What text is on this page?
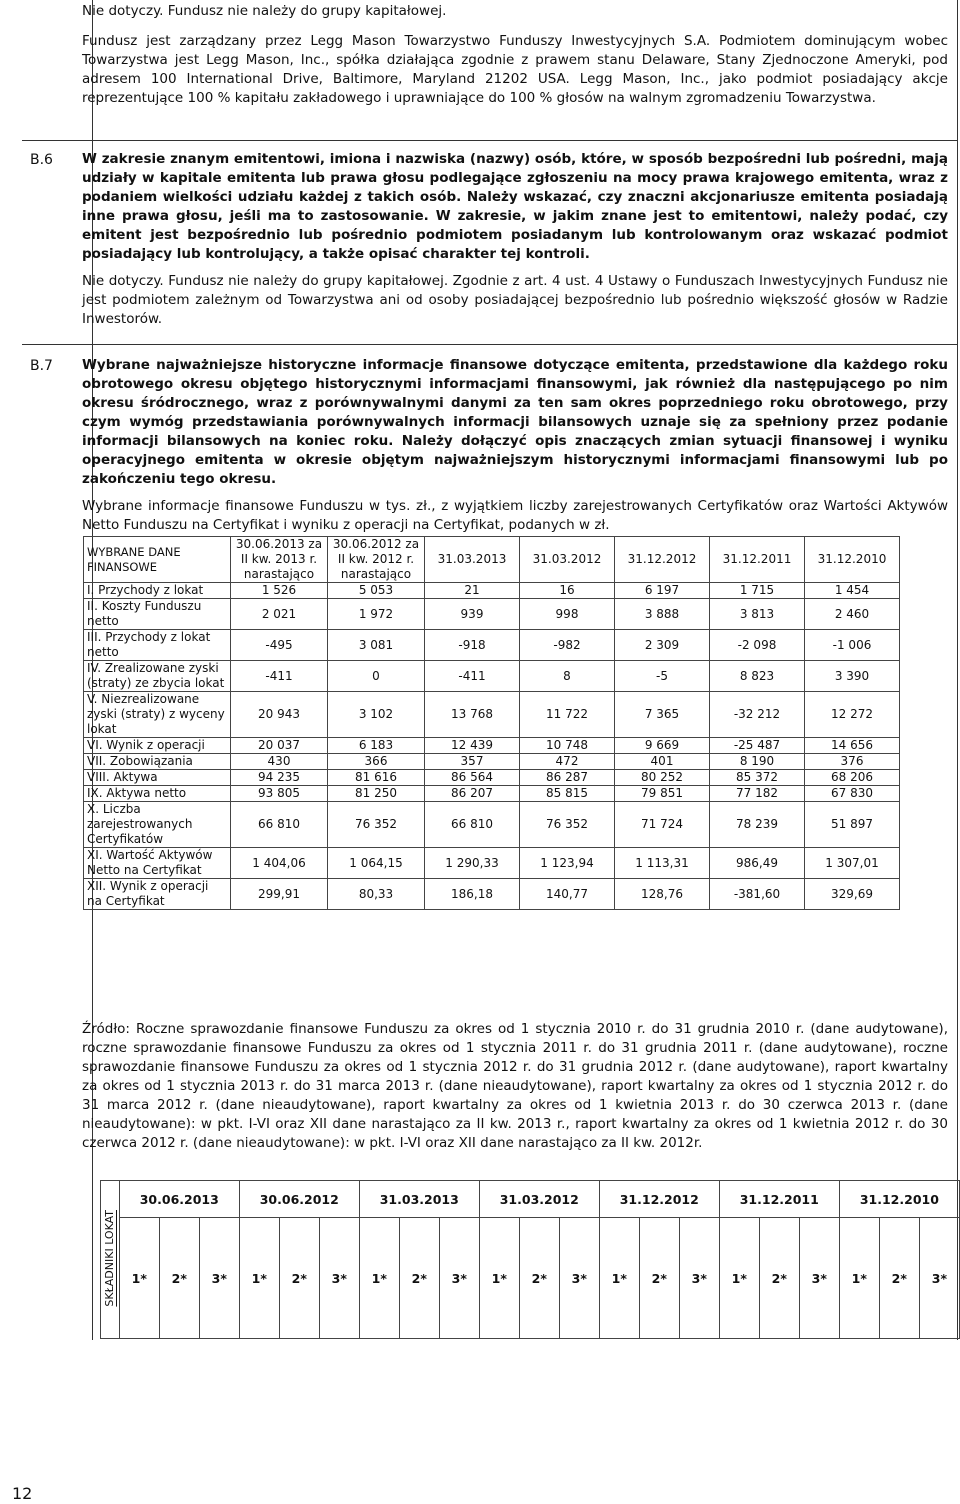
Nie dotyczy. Fundusz nie należy do grupy kapitałowej.

Fundusz jest zarządzany przez Legg Mason Towarzystwo Funduszy Inwestycyjnych S.A. Podmiotem dominującym wobec Towarzystwa jest Legg Mason, Inc., spółka działająca zgodnie z prawem stanu Delaware, Stany Zjednoczone Ameryki, pod adresem 100 International Drive, Baltimore, Maryland 21202 USA. Legg Mason, Inc., jako podmiot posiadający akcje reprezentujące 100 % kapitału zakładowego i uprawniające do 100 % głosów na walnym zgromadzeniu Towarzystwa.

B.6 W zakresie znanym emitentowi, imiona i nazwiska (nazwy) osób, które, w sposób bezpośredni lub pośredni, mają udziały w kapitale emitenta lub prawa głosu podlegające zgłoszeniu na mocy prawa krajowego emitenta, wraz z podaniem wielkości udziału każdej z takich osób. Należy wskazać, czy znaczni akcjonariusze emitenta posiadają inne prawa głosu, jeśli ma to zastosowanie. W zakresie, w jakim znane jest to emitentowi, należy podać, czy emitent jest bezpośrednio lub pośrednio podmiotem posiadanym lub kontrolowanym oraz wskazać podmiot posiadający lub kontrolujący, a także opisać charakter tej kontroli.

Nie dotyczy. Fundusz nie należy do grupy kapitałowej. Zgodnie z art. 4 ust. 4 Ustawy o Funduszach Inwestycyjnych Fundusz nie jest podmiotem zależnym od Towarzystwa ani od osoby posiadającej bezpośrednio lub pośrednio większość głosów w Radzie Inwestorów.

B.7 Wybrane najważniejsze historyczne informacje finansowe dotyczące emitenta, przedstawione dla każdego roku obrotowego okresu objętego historycznymi informacjami finansowymi, jak również dla następującego po nim okresu śródrocznego, wraz z porównywalnymi danymi za ten sam okres poprzedniego roku obrotowego, przy czym wymóg przedstawiania porównywalnych informacji bilansowych uznaje się za spełniony przez podanie informacji bilansowych na koniec roku. Należy dołączyć opis znaczących zmian sytuacji finansowej i wyniku operacyjnego emitenta w okresie objętym najważniejszym historycznymi informacjami finansowymi lub po zakończeniu tego okresu.

Wybrane informacje finansowe Funduszu w tys. zł., z wyjątkiem liczby zarejestrowanych Certyfikatów oraz Wartości Aktywów Netto Funduszu na Certyfikat i wyniku z operacji na Certyfikat, podanych w zł.

Źródło: Roczne sprawozdanie finansowe Funduszu za okres od 1 stycznia 2010 r. do 31 grudnia 2010 r. (dane audytowane), roczne sprawozdanie finansowe Funduszu za okres od 1 stycznia 2011 r. do 31 grudnia 2011 r. (dane audytowane), roczne sprawozdanie finansowe Funduszu za okres od 1 stycznia 2012 r. do 31 grudnia 2012 r. (dane audytowane), raport kwartalny za okres od 1 stycznia 2013 r. do 31 marca 2013 r. (dane nieaudytowane), raport kwartalny za okres od 1 stycznia 2012 r. do 31 marca 2012 r. (dane nieaudytowane), raport kwartalny za okres od 1 kwietnia 2013 r. do 30 czerwca 2013 r. (dane nieaudytowane): w pkt. I-VI oraz XII dane narastająco za II kw. 2013 r., raport kwartalny za okres od 1 kwietnia 2012 r. do 30 czerwca 2012 r. (dane nieaudytowane): w pkt. I-VI oraz XII dane narastająco za II kw. 2012r.

WYBRANE DANE FINANSOWE	30.06.2013 za II kw. 2013 r. narastająco	30.06.2012 za II kw. 2012 r. narastająco	31.03.2013	31.03.2012	31.12.2012	31.12.2011	31.12.2010
I. Przychody z lokat	1 526	5 053	21	16	6 197	1 715	1 454
II. Koszty Funduszu netto	2 021	1 972	939	998	3 888	3 813	2 460
III. Przychody z lokat netto	-495	3 081	-918	-982	2 309	-2 098	-1 006
IV. Zrealizowane zyski (straty) ze zbycia lokat	-411	0	-411	8	-5	8 823	3 390
V. Niezrealizowane zyski (straty) z wyceny lokat	20 943	3 102	13 768	11 722	7 365	-32 212	12 272
VI. Wynik z operacji	20 037	6 183	12 439	10 748	9 669	-25 487	14 656
VII. Zobowiązania	430	366	357	472	401	8 190	376
VIII. Aktywa	94 235	81 616	86 564	86 287	80 252	85 372	68 206
IX. Aktywa netto	93 805	81 250	86 207	85 815	79 851	77 182	67 830
X. Liczba zarejestrowanych Certyfikatów	66 810	76 352	66 810	76 352	71 724	78 239	51 897
XI. Wartość Aktywów Netto na Certyfikat	1 404,06	1 064,15	1 290,33	1 123,94	1 113,31	986,49	1 307,01
XII. Wynik z operacji na Certyfikat	299,91	80,33	186,18	140,77	128,76	-381,60	329,69
SKŁADNIKI LOKAT	30.06.2013			30.06.2012			31.03.2013			31.03.2012			31.12.2012			31.12.2011			31.12.2010		
	1*	2*	3*	1*	2*	3*	1*	2*	3*	1*	2*	3*	1*	2*	3*	1*	2*	3*	1*	2*	3*
12
